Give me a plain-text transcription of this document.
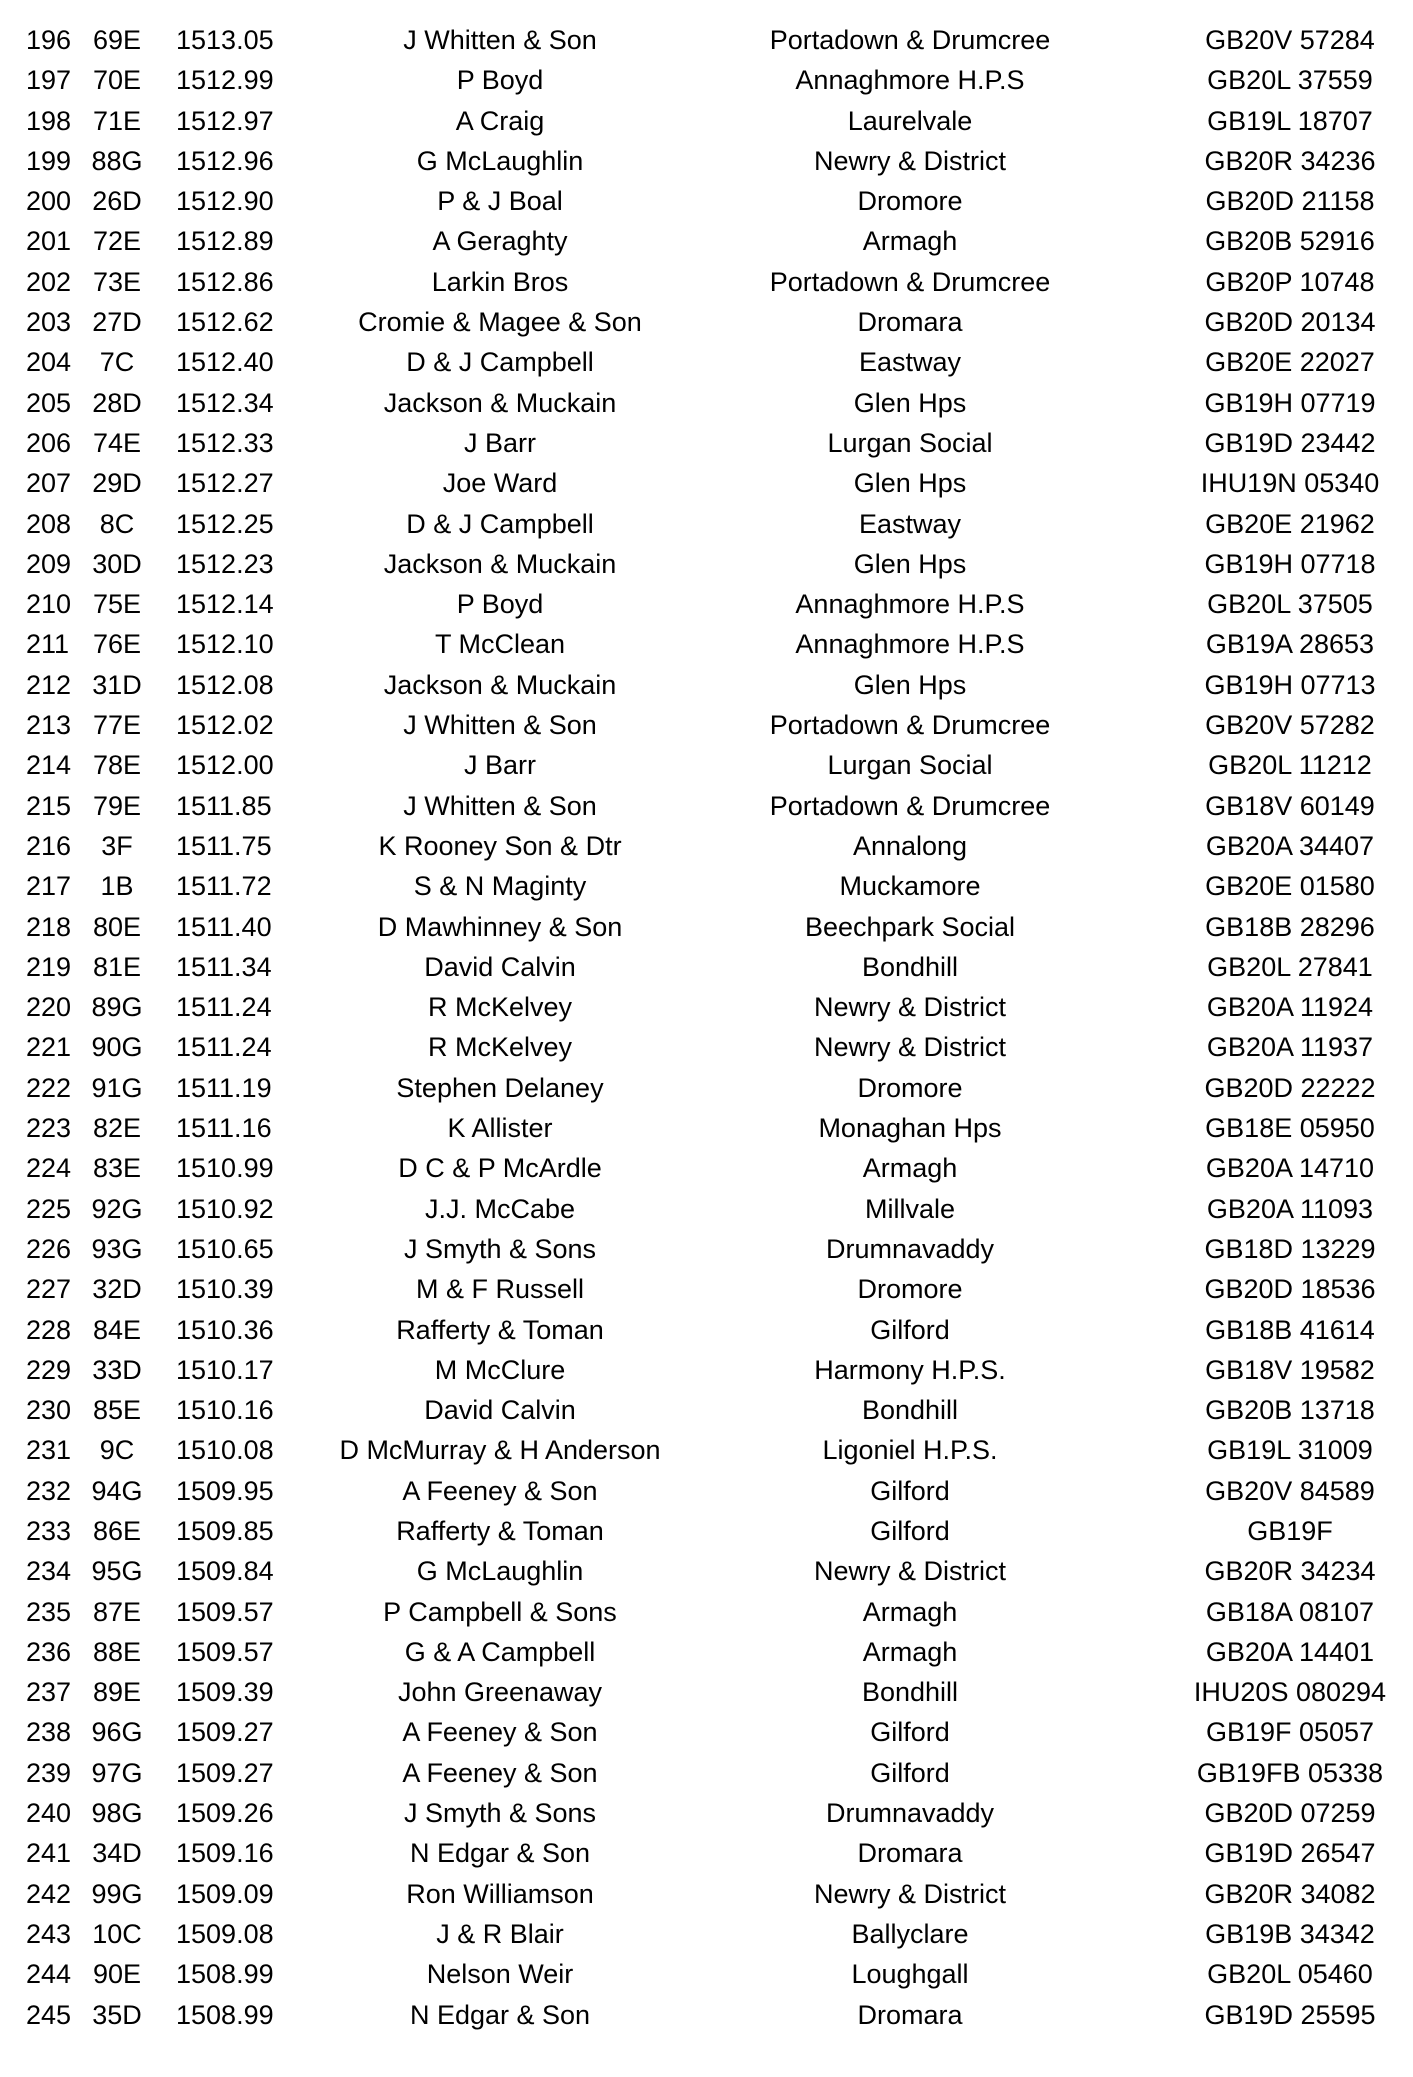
196 69E	1513.05	J Whitten & Son	Portadown & Drumcree	GB20V 57284
197 70E	1512.99	P Boyd	Annaghmore H.P.S	GB20L 37559
198 71E	1512.97	A Craig	Laurelvale	GB19L 18707
199 88G	1512.96	G McLaughlin	Newry & District	GB20R 34236
200 26D	1512.90	P & J Boal	Dromore	GB20D 21158
201 72E	1512.89	A Geraghty	Armagh	GB20B 52916
202 73E	1512.86	Larkin Bros	Portadown & Drumcree	GB20P 10748
203 27D	1512.62	Cromie & Magee & Son	Dromara	GB20D 20134
204	7C	1512.40	D & J Campbell	Eastway	GB20E 22027
205 28D	1512.34	Jackson & Muckain	Glen Hps	GB19H 07719
206 74E	1512.33	J Barr	Lurgan Social	GB19D 23442
207 29D	1512.27	Joe Ward	Glen Hps	IHU19N 05340
208	8C	1512.25	D & J Campbell	Eastway	GB20E 21962
209 30D	1512.23	Jackson & Muckain	Glen Hps	GB19H 07718
210 75E	1512.14	P Boyd	Annaghmore H.P.S	GB20L 37505
211 76E	1512.10	T McClean	Annaghmore H.P.S	GB19A 28653
212 31D	1512.08	Jackson & Muckain	Glen Hps	GB19H 07713
213 77E	1512.02	J Whitten & Son	Portadown & Drumcree	GB20V 57282
214 78E	1512.00	J Barr	Lurgan Social	GB20L 11212
215 79E	1511.85	J Whitten & Son	Portadown & Drumcree	GB18V 60149
216	3F	1511.75	K Rooney Son & Dtr	Annalong	GB20A 34407
217	1B	1511.72	S & N Maginty	Muckamore	GB20E 01580
218 80E	1511.40	D Mawhinney & Son	Beechpark Social	GB18B 28296
219 81E	1511.34	David Calvin	Bondhill	GB20L 27841
220 89G	1511.24	R McKelvey	Newry & District	GB20A 11924
221 90G	1511.24	R McKelvey	Newry & District	GB20A 11937
222 91G	1511.19	Stephen Delaney	Dromore	GB20D 22222
223 82E	1511.16	K Allister	Monaghan Hps	GB18E 05950
224 83E	1510.99	D C & P McArdle	Armagh	GB20A 14710
225 92G	1510.92	J.J. McCabe	Millvale	GB20A 11093
226 93G	1510.65	J Smyth & Sons	Drumnavaddy	GB18D 13229
227 32D	1510.39	M & F Russell	Dromore	GB20D 18536
228 84E	1510.36	Rafferty & Toman	Gilford	GB18B 41614
229 33D	1510.17	M McClure	Harmony H.P.S.	GB18V 19582
230 85E	1510.16	David Calvin	Bondhill	GB20B 13718
231	9C	1510.08	D McMurray & H Anderson	Ligoniel H.P.S.	GB19L 31009
232 94G	1509.95	A Feeney & Son	Gilford	GB20V 84589
233 86E	1509.85	Rafferty & Toman	Gilford	GB19F
234 95G	1509.84	G McLaughlin	Newry & District	GB20R 34234
235 87E	1509.57	P Campbell & Sons	Armagh	GB18A 08107
236 88E	1509.57	G & A Campbell	Armagh	GB20A 14401
237 89E	1509.39	John Greenaway	Bondhill	IHU20S 080294
238 96G	1509.27	A Feeney & Son	Gilford	GB19F 05057
239 97G	1509.27	A Feeney & Son	Gilford	GB19FB 05338
240 98G	1509.26	J Smyth & Sons	Drumnavaddy	GB20D 07259
241 34D	1509.16	N Edgar & Son	Dromara	GB19D 26547
242 99G	1509.09	Ron Williamson	Newry & District	GB20R 34082
243 10C	1509.08	J & R Blair	Ballyclare	GB19B 34342
244 90E	1508.99	Nelson Weir	Loughgall	GB20L 05460
245 35D	1508.99	N Edgar & Son	Dromara	GB19D 25595
